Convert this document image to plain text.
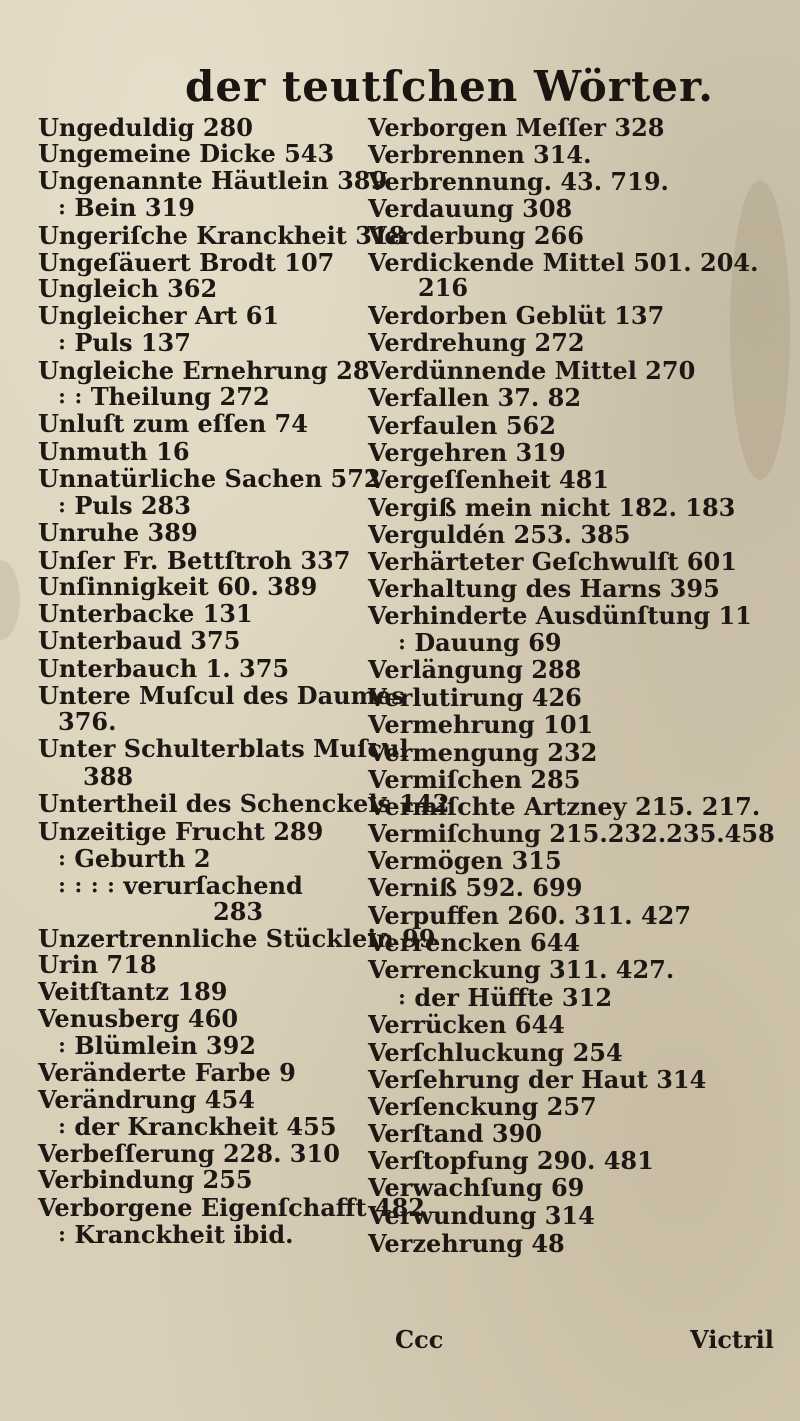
der teutſchen Wörter.
Ungeduldig 280
Ungemeine Dicke 543
Ungenannte Häutlein 389
꞉ Bein 319
Ungeriſche Kranckheit 318
Ungeſäuert Brodt 107
Ungleich 362
Ungleicher Art 61
꞉ Puls 137
Ungleiche Ernehrung 28
꞉ ꞉ Theilung 272
Unluſt zum eſſen 74
Unmuth 16
Unnatürliche Sachen 572
꞉ Puls 283
Unruhe 389
Unſer Fr. Bettſtroh 337
Unſinnigkeit 60. 389
Unterbacke 131
Unterbaud 375
Unterbauch 1. 375
Untere Muſcul des Daumes
376.
Unter Schulterblats Muſcul
388
Untertheil des Schenckels 142
Unzeitige Frucht 289
꞉ Geburth 2
꞉ ꞉ ꞉ ꞉ verurſachend
283
Unzertrennliche Stücklein 99
Urin 718
Veitſtantz 189
Venusberg 460
꞉ Blümlein 392
Veränderte Farbe 9
Verändrung 454
꞉ der Kranckheit 455
Verbeſſerung 228. 310
Verbindung 255
Verborgene Eigenſchafft 482
꞉ Kranckheit ibid.
Verborgen Meſſer 328
Verbrennen 314.
Verbrennung. 43. 719.
Verdauung 308
Verderbung 266
Verdickende Mittel 501. 204.
216
Verdorben Geblüt 137
Verdrehung 272
Verdünnende Mittel 270
Verfallen 37. 82
Verfaulen 562
Vergehren 319
Vergeſſenheit 481
Vergiß mein nicht 182. 183
Verguldén 253. 385
Verhärteter Geſchwulſt 601
Verhaltung des Harns 395
Verhinderte Ausdünſtung 11
꞉ Dauung 69
Verlängung 288
Verlutirung 426
Vermehrung 101
Vermengung 232
Vermiſchen 285
Vermiſchte Artzney 215. 217.
Vermiſchung 215.232.235.458
Vermögen 315
Verniß 592. 699
Verpuffen 260. 311. 427
Verrencken 644
Verrenckung 311. 427.
꞉ der Hüffte 312
Verrücken 644
Verſchluckung 254
Verſehrung der Haut 314
Verſenckung 257
Verſtand 390
Verſtopfung 290. 481
Verwachſung 69
Verwundung 314
Verzehrung 48
Ccc	Victril
